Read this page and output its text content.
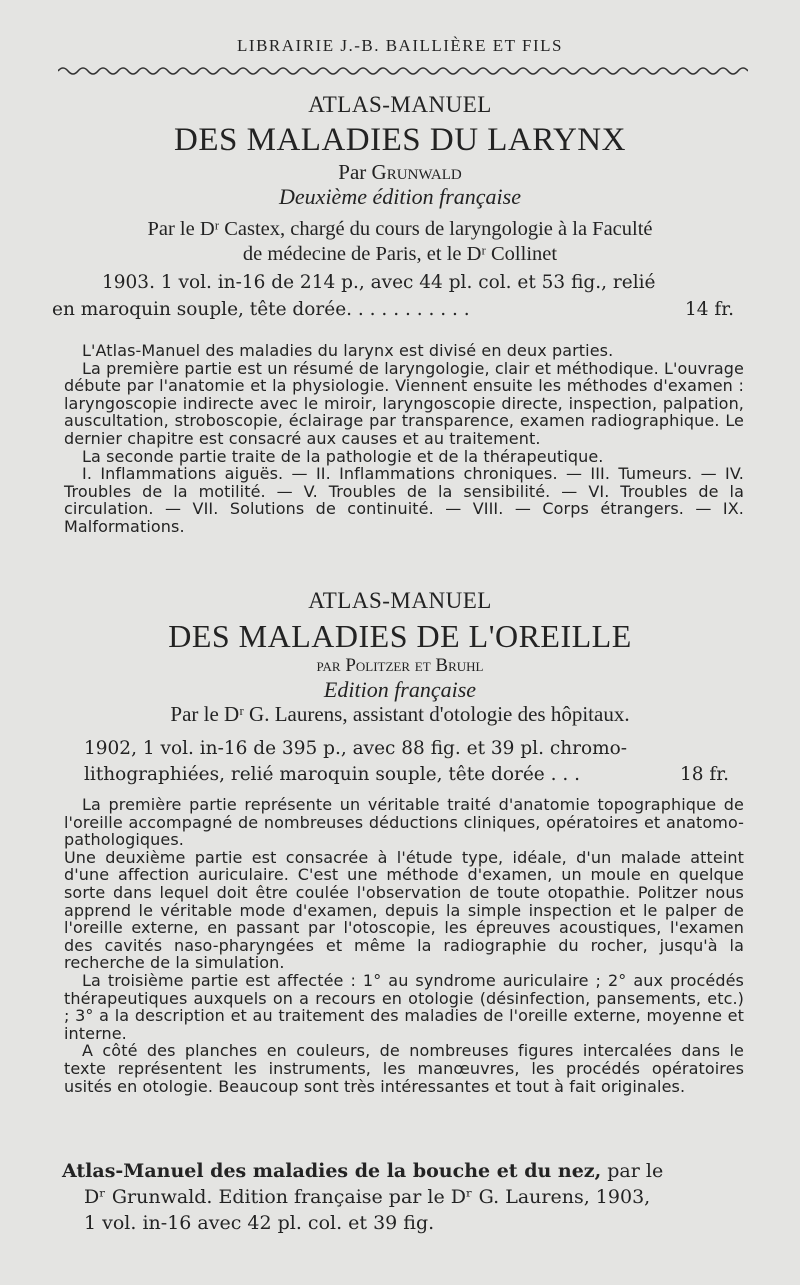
LIBRAIRIE J.-B. BAILLIÈRE ET FILS
ATLAS-MANUEL
DES MALADIES DU LARYNX
Par Grunwald
Deuxième édition française
Par le Dʳ Castex, chargé du cours de laryngologie à la Faculté
de médecine de Paris, et le Dʳ Collinet
1903. 1 vol. in-16 de 214 p., avec 44 pl. col. et 53 fig., relié
en maroquin souple, tête dorée. . . . . . . . . . .	14 fr.

L'Atlas-Manuel des maladies du larynx est divisé en deux parties.

La première partie est un résumé de laryngologie, clair et méthodique. L'ouvrage débute par l'anatomie et la physiologie. Viennent ensuite les méthodes d'examen : laryngoscopie indirecte avec le miroir, laryngoscopie directe, inspection, palpation, auscultation, stroboscopie, éclairage par transparence, examen radiographique. Le dernier chapitre est consacré aux causes et au traitement.

La seconde partie traite de la pathologie et de la thérapeutique.

I. Inflammations aiguës. — II. Inflammations chroniques. — III. Tumeurs. — IV. Troubles de la motilité. — V. Troubles de la sensibilité. — VI. Troubles de la circulation. — VII. Solutions de continuité. — VIII. — Corps étrangers. — IX. Malformations.

ATLAS-MANUEL
DES MALADIES DE L'OREILLE
par Politzer et Bruhl
Edition française
Par le Dʳ G. Laurens, assistant d'otologie des hôpitaux.
1902, 1 vol. in-16 de 395 p., avec 88 fig. et 39 pl. chromo-
lithographiées, relié maroquin souple, tête dorée . . .	18 fr.

La première partie représente un véritable traité d'anatomie topographique de l'oreille accompagné de nombreuses déductions cliniques, opératoires et anatomo-pathologiques.

Une deuxième partie est consacrée à l'étude type, idéale, d'un malade atteint d'une affection auriculaire. C'est une méthode d'examen, un moule en quelque sorte dans lequel doit être coulée l'observation de toute otopathie. Politzer nous apprend le véritable mode d'examen, depuis la simple inspection et le palper de l'oreille externe, en passant par l'otoscopie, les épreuves acoustiques, l'examen des cavités naso-pharyngées et même la radiographie du rocher, jusqu'à la recherche de la simulation.

La troisième partie est affectée : 1° au syndrome auriculaire ; 2° aux procédés thérapeutiques auxquels on a recours en otologie (désinfection, pansements, etc.) ; 3° a la description et au traitement des maladies de l'oreille externe, moyenne et interne.

A côté des planches en couleurs, de nombreuses figures intercalées dans le texte représentent les instruments, les manœuvres, les procédés opératoires usités en otologie. Beaucoup sont très intéressantes et tout à fait originales.

Atlas-Manuel des maladies de la bouche et du nez, par le
Dʳ Grunwald. Edition française par le Dʳ G. Laurens, 1903,
1 vol. in-16 avec 42 pl. col. et 39 fig.
